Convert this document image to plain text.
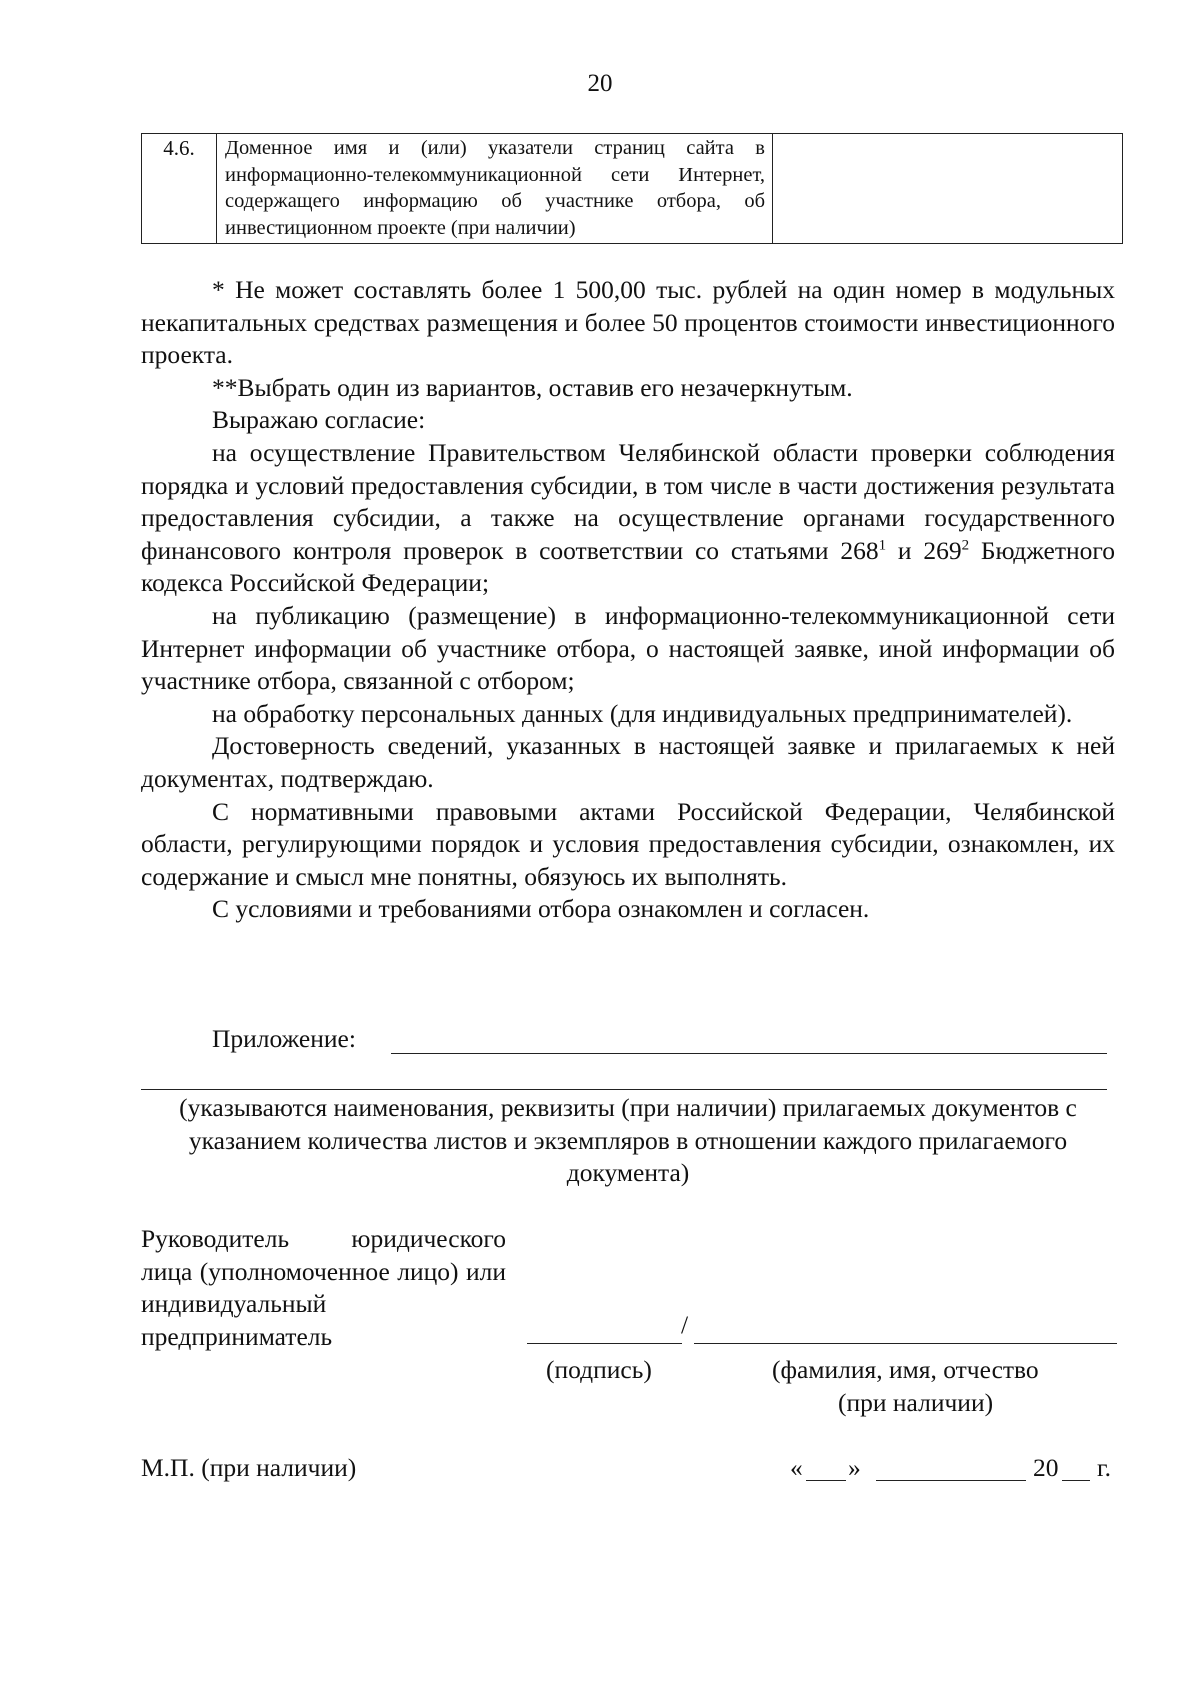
20
4.6.	Доменное имя и (или) указатели страниц сайта в информационно-телекоммуникационной сети Интернет, содержащего информацию об участнике отбора, об инвестиционном проекте (при наличии)	

* Не может составлять более 1 500,00 тыс. рублей на один номер в модульных некапитальных средствах размещения и более 50 процентов стоимости инвестиционного проекта.

**Выбрать один из вариантов, оставив его незачеркнутым.

Выражаю согласие:

на осуществление Правительством Челябинской области проверки соблюдения порядка и условий предоставления субсидии, в том числе в части достижения результата предоставления субсидии, а также на осуществление органами государственного финансового контроля проверок в соответствии со статьями $268^1$ и $269^2$ Бюджетного кодекса Российской Федерации;

на публикацию (размещение) в информационно-телекоммуникационной сети Интернет информации об участнике отбора, о настоящей заявке, иной информации об участнике отбора, связанной с отбором;

на обработку персональных данных (для индивидуальных предпринимателей).

Достоверность сведений, указанных в настоящей заявке и прилагаемых к ней документах, подтверждаю.

С нормативными правовыми актами Российской Федерации, Челябинской области, регулирующими порядок и условия предоставления субсидии, ознакомлен, их содержание и смысл мне понятны, обязуюсь их выполнять.

С условиями и требованиями отбора ознакомлен и согласен.

Приложение:
(указываются наименования, реквизиты (при наличии) прилагаемых документов с указанием количества листов и экземпляров в отношении каждого прилагаемого документа)

Руководитель юридического лица (уполномоченное лицо) или индивидуальный предприниматель	/
(подпись)	(фамилия, имя, отчество
(при наличии)
М.П. (при наличии)	« »	20 г.
